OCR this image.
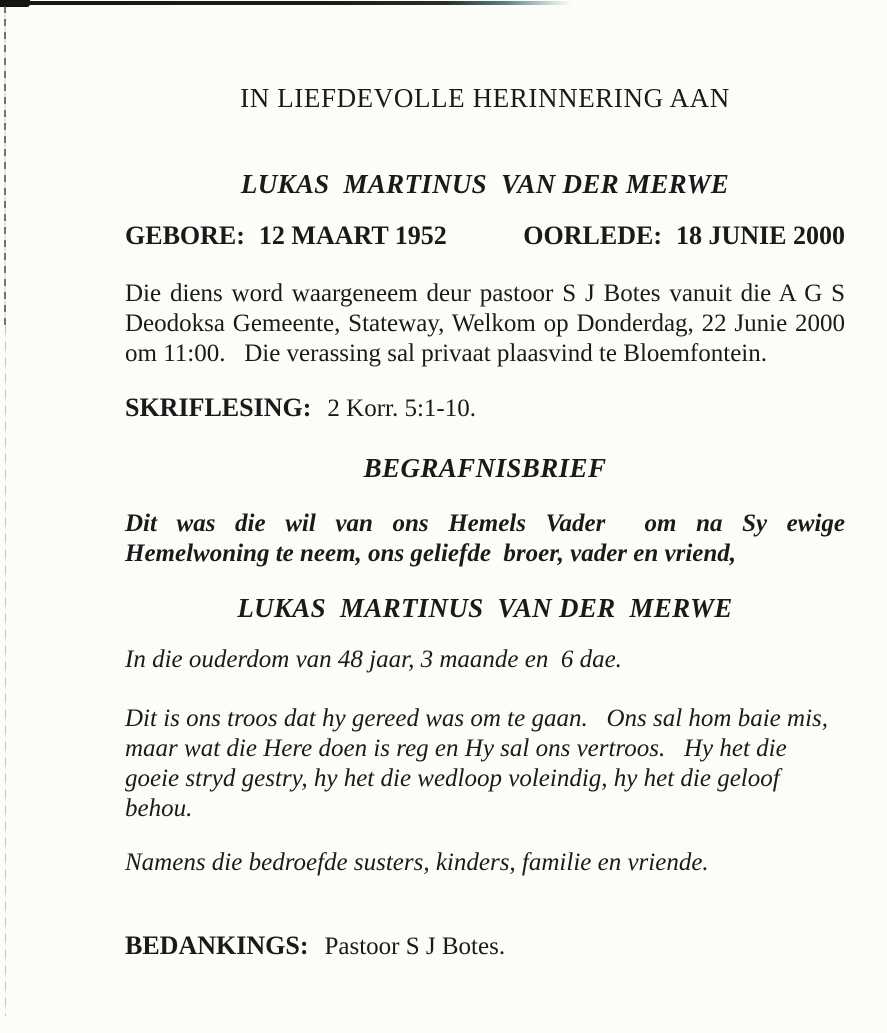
IN LIEFDEVOLLE HERINNERING AAN
LUKAS  MARTINUS  VAN DER MERWE
GEBORE: 12 MAART 1952	OORLEDE: 18 JUNIE 2000
Die diens word waargeneem deur pastoor S J Botes vanuit die A G S
Deodoksa Gemeente, Stateway, Welkom op Donderdag, 22 Junie 2000
om 11:00.   Die verassing sal privaat plaasvind te Bloemfontein.
SKRIFLESING: 2 Korr. 5:1-10.
BEGRAFNISBRIEF
Dit was die wil van ons Hemels Vader  om na Sy ewige
Hemelwoning te neem, ons geliefde  broer, vader en vriend,
LUKAS  MARTINUS  VAN DER  MERWE
In die ouderdom van 48 jaar, 3 maande en  6 dae.
Dit is ons troos dat hy gereed was om te gaan.   Ons sal hom baie mis,
maar wat die Here doen is reg en Hy sal ons vertroos.   Hy het die
goeie stryd gestry, hy het die wedloop voleindig, hy het die geloof
behou.
Namens die bedroefde susters, kinders, familie en vriende.
BEDANKINGS: Pastoor S J Botes.
